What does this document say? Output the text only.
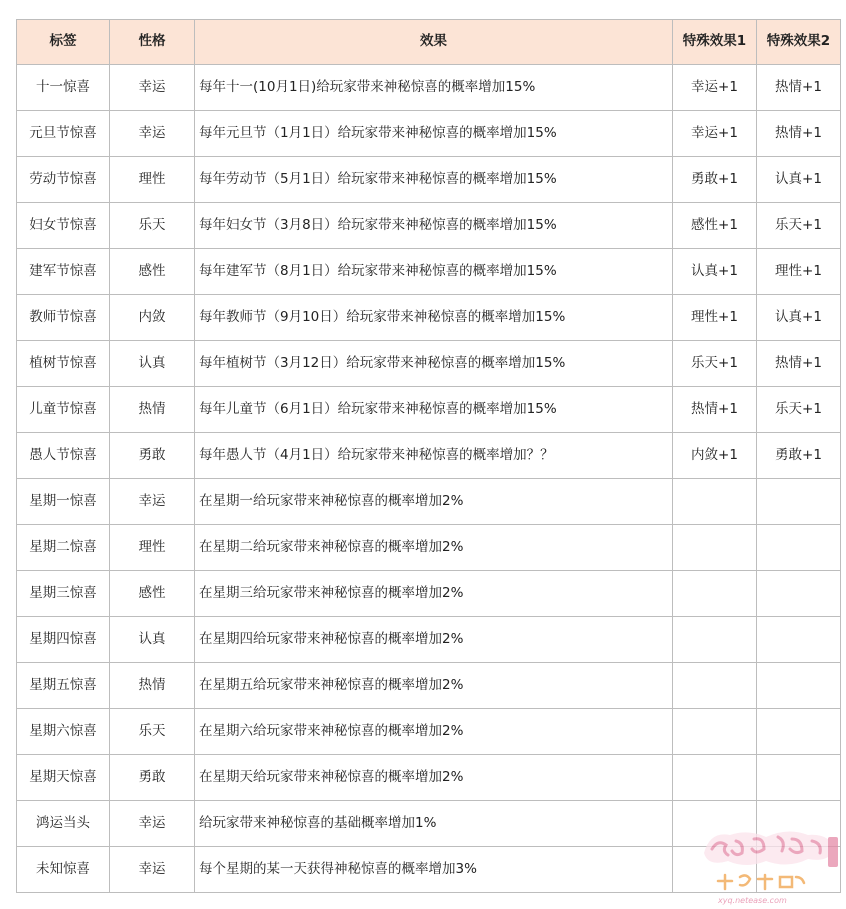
标签	性格	效果	特殊效果1	特殊效果2
十一惊喜	幸运	每年十一(10月1日)给玩家带来神秘惊喜的概率增加15%	幸运+1	热情+1
元旦节惊喜	幸运	每年元旦节（1月1日）给玩家带来神秘惊喜的概率增加15%	幸运+1	热情+1
劳动节惊喜	理性	每年劳动节（5月1日）给玩家带来神秘惊喜的概率增加15%	勇敢+1	认真+1
妇女节惊喜	乐天	每年妇女节（3月8日）给玩家带来神秘惊喜的概率增加15%	感性+1	乐天+1
建军节惊喜	感性	每年建军节（8月1日）给玩家带来神秘惊喜的概率增加15%	认真+1	理性+1
教师节惊喜	内敛	每年教师节（9月10日）给玩家带来神秘惊喜的概率增加15%	理性+1	认真+1
植树节惊喜	认真	每年植树节（3月12日）给玩家带来神秘惊喜的概率增加15%	乐天+1	热情+1
儿童节惊喜	热情	每年儿童节（6月1日）给玩家带来神秘惊喜的概率增加15%	热情+1	乐天+1
愚人节惊喜	勇敢	每年愚人节（4月1日）给玩家带来神秘惊喜的概率增加？？	内敛+1	勇敢+1
星期一惊喜	幸运	在星期一给玩家带来神秘惊喜的概率增加2%		
星期二惊喜	理性	在星期二给玩家带来神秘惊喜的概率增加2%		
星期三惊喜	感性	在星期三给玩家带来神秘惊喜的概率增加2%		
星期四惊喜	认真	在星期四给玩家带来神秘惊喜的概率增加2%		
星期五惊喜	热情	在星期五给玩家带来神秘惊喜的概率增加2%		
星期六惊喜	乐天	在星期六给玩家带来神秘惊喜的概率增加2%		
星期天惊喜	勇敢	在星期天给玩家带来神秘惊喜的概率增加2%		
鸿运当头	幸运	给玩家带来神秘惊喜的基础概率增加1%		
未知惊喜	幸运	每个星期的某一天获得神秘惊喜的概率增加3%		
xyq.netease.com
